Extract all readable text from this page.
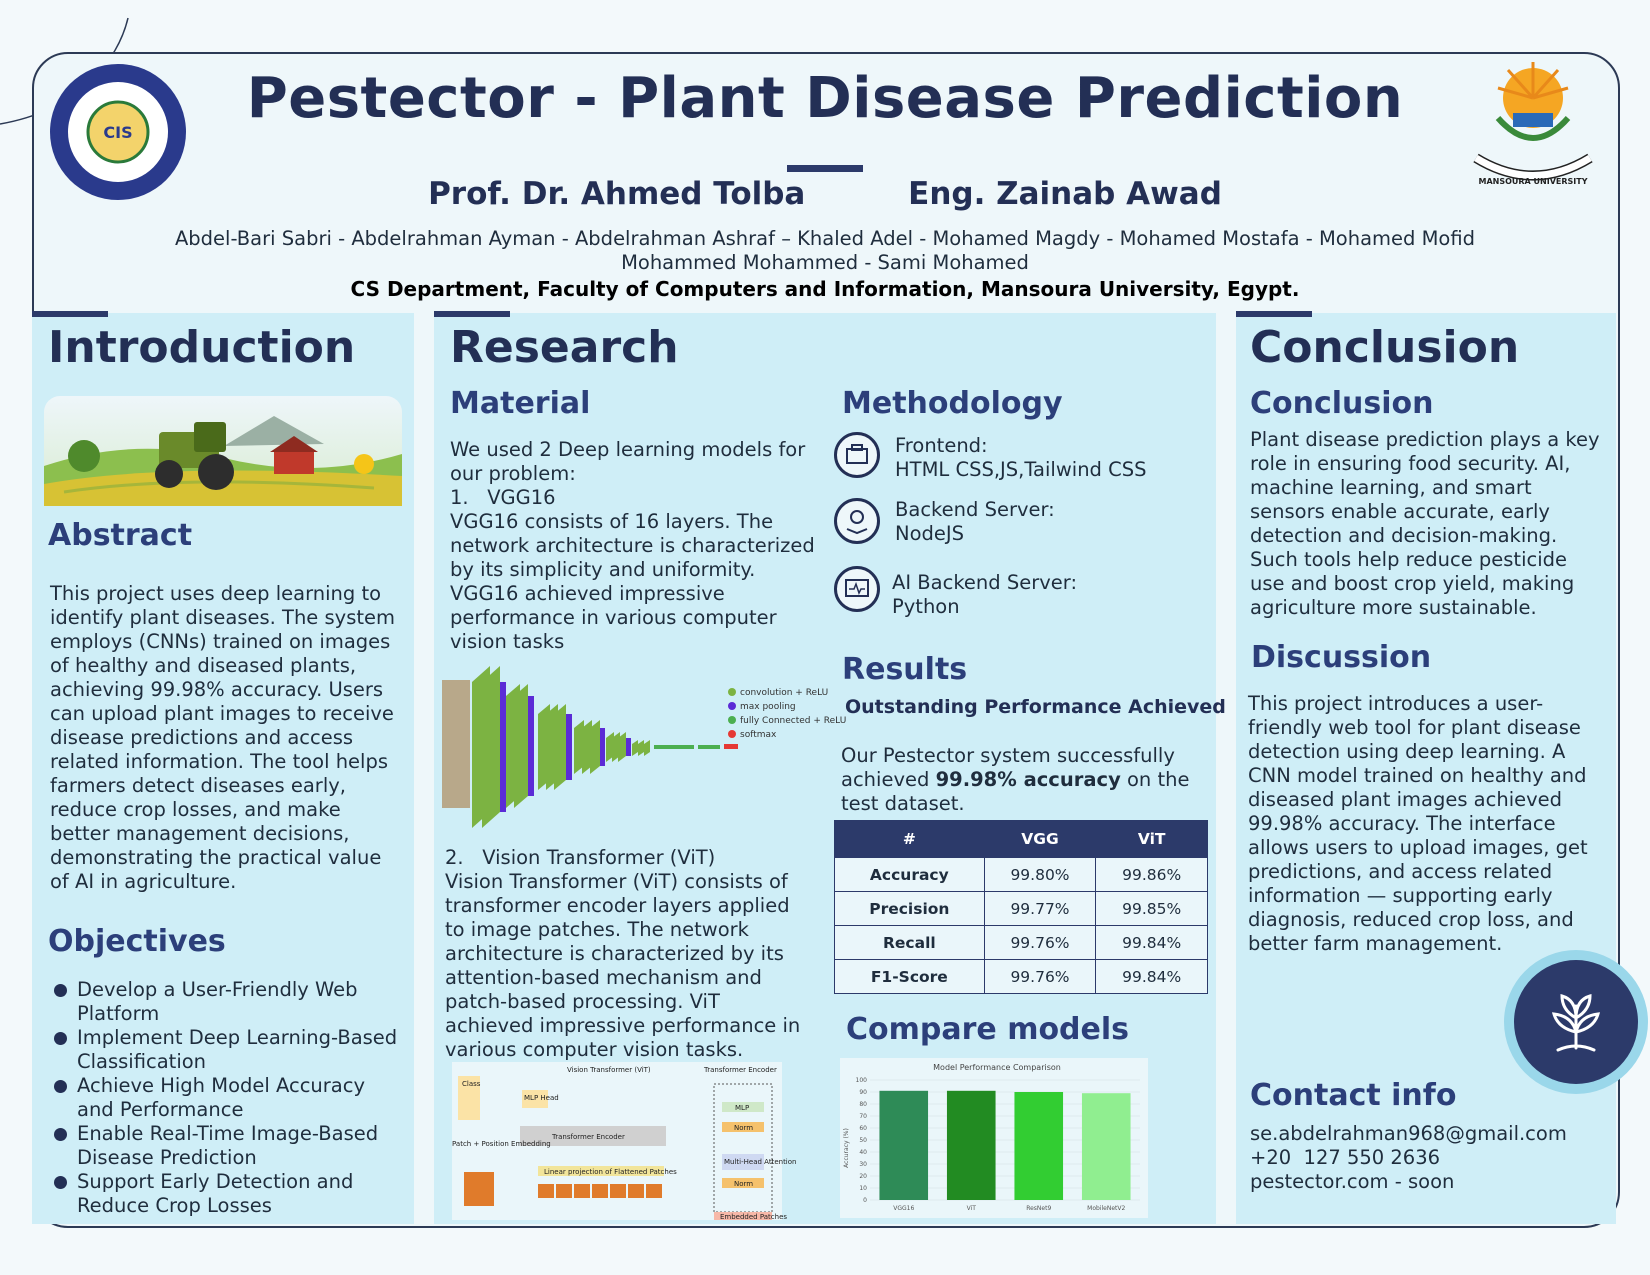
CIS
MANSOURA UNIVERSITY
Pestector - Plant Disease Prediction
Prof. Dr. Ahmed Tolba	Eng. Zainab Awad
Abdel-Bari Sabri - Abdelrahman Ayman - Abdelrahman Ashraf – Khaled Adel - Mohamed Magdy - Mohamed Mostafa - Mohamed Mofid
Mohammed Mohammed - Sami Mohamed
CS Department, Faculty of Computers and Information, Mansoura University, Egypt.
Introduction
Abstract
This project uses deep learning to identify plant diseases. The system employs (CNNs) trained on images of healthy and diseased plants, achieving 99.98% accuracy. Users can upload plant images to receive disease predictions and access related information. The tool helps farmers detect diseases early, reduce crop losses, and make better management decisions, demonstrating the practical value of AI in agriculture.
Objectives
Develop a User-Friendly Web Platform
Implement Deep Learning-Based Classification
Achieve High Model Accuracy and Performance
Enable Real-Time Image-Based Disease Prediction
Support Early Detection and Reduce Crop Losses
Research
Material
We used 2 Deep learning models for our problem:
1.   VGG16
VGG16 consists of 16 layers. The network architecture is characterized by its simplicity and uniformity. VGG16 achieved impressive performance in various computer vision tasks
convolution + ReLU
max pooling
fully Connected + ReLU
softmax
2.   Vision Transformer (ViT)
Vision Transformer (ViT) consists of transformer encoder layers applied to image patches. The network architecture is characterized by its attention-based mechanism and patch-based processing. ViT achieved impressive performance in various computer vision tasks.
Vision Transformer (ViT)	Transformer Encoder
Class
MLP Head
Transformer Encoder
Linear projection of Flattened Patches
Patch + Position Embedding
MLP
Norm
Multi-Head Attention
Norm
Embedded Patches
Methodology
Frontend:
HTML CSS,JS,Tailwind CSS
Backend Server:
NodeJS
AI Backend Server:
Python
Results
Outstanding Performance Achieved
Our Pestector system successfully achieved 99.98% accuracy on the test dataset.
#	VGG	ViT
Accuracy	99.80%	99.86%
Precision	99.77%	99.85%
Recall	99.76%	99.84%
F1-Score	99.76%	99.84%
Compare models
Model Performance Comparison
Accuracy (%)
VGG16	ViT	ResNet9	MobileNetV2
0
10
20
30
40
50
60
70
80
90
100
Conclusion
Conclusion
Plant disease prediction plays a key role in ensuring food security. AI, machine learning, and smart sensors enable accurate, early detection and decision-making. Such tools help reduce pesticide use and boost crop yield, making agriculture more sustainable.
Discussion
This project introduces a user-friendly web tool for plant disease detection using deep learning. A CNN model trained on healthy and diseased plant images achieved 99.98% accuracy. The interface allows users to upload images, get predictions, and access related information — supporting early diagnosis, reduced crop loss, and better farm management.
Contact info
se.abdelrahman968@gmail.com
+20  127 550 2636
pestector.com - soon
